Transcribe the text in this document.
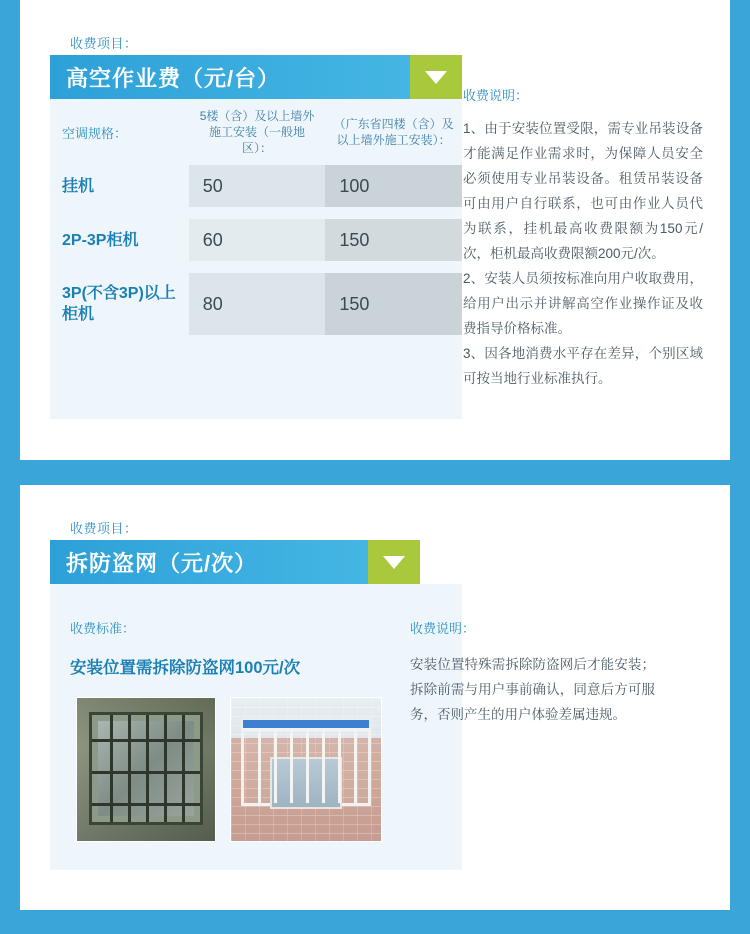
收费项目：
高空作业费（元/台）
空调规格：	5楼（含）及以上墙外施工安装（一般地区）：	（广东省四楼（含）及以上墙外施工安装）：
挂机	50	100

2P-3P柜机	60	150

3P(不含3P)以上柜机	80	150
收费说明：

1、由于安装位置受限，需专业吊装设备才能满足作业需求时，为保障人员安全必须使用专业吊装设备。租赁吊装设备可由用户自行联系，也可由作业人员代为联系，挂机最高收费限额为150元/次，柜机最高收费限额200元/次。

2、安装人员须按标准向用户收取费用，给用户出示并讲解高空作业操作证及收费指导价格标准。

3、因各地消费水平存在差异，个别区域可按当地行业标准执行。

收费项目：
拆防盗网（元/次）
收费标准：
安装位置需拆除防盗网100元/次
收费说明：
安装位置特殊需拆除防盗网后才能安装；拆除前需与用户事前确认，同意后方可服务，否则产生的用户体验差属违规。
